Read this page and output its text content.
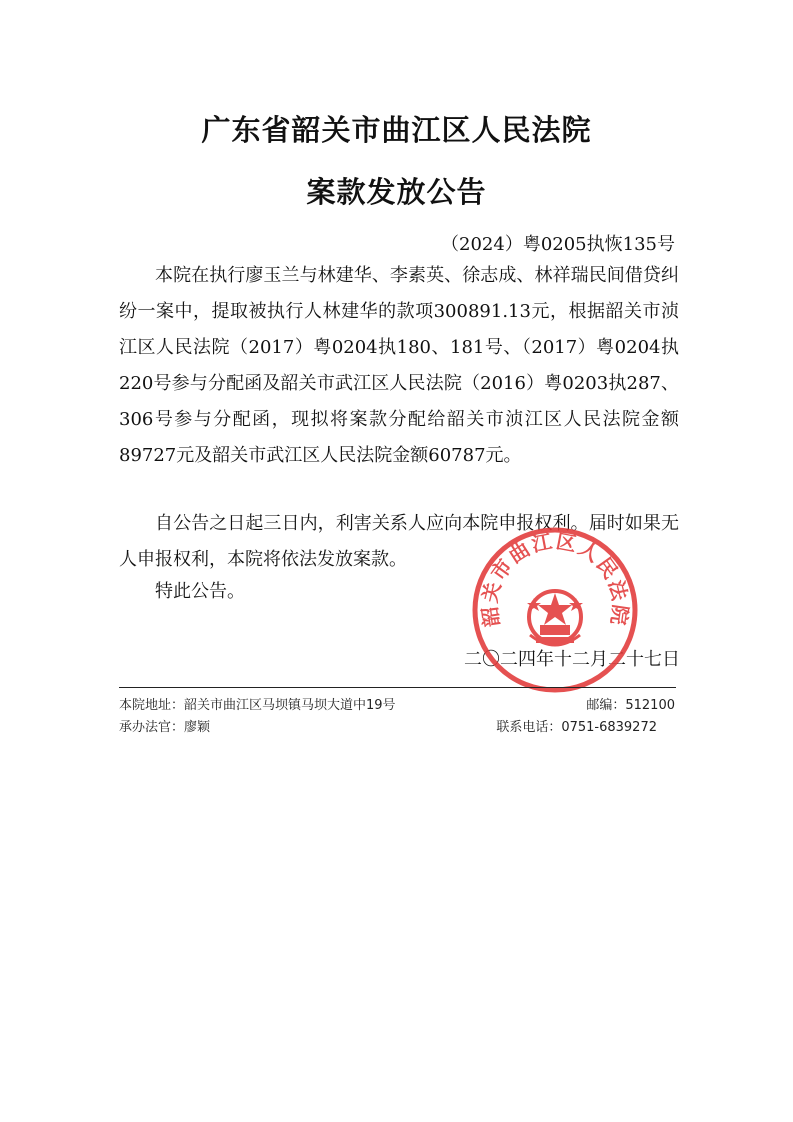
广东省韶关市曲江区人民法院
案款发放公告
（2024）粤0205执恢135号

本院在执行廖玉兰与林建华、李素英、徐志成、林祥瑞民间借贷纠纷一案中，提取被执行人林建华的款项300891.13元，根据韶关市浈江区人民法院（2017）粤0204执180、181号、（2017）粤0204执220号参与分配函及韶关市武江区人民法院（2016）粤0203执287、306号参与分配函，现拟将案款分配给韶关市浈江区人民法院金额89727元及韶关市武江区人民法院金额60787元。

自公告之日起三日内，利害关系人应向本院申报权利。届时如果无人申报权利，本院将依法发放案款。

特此公告。

二〇二四年十二月二十七日
韶关市曲江区人民法院
本院地址：韶关市曲江区马坝镇马坝大道中19号	邮编：512100
承办法官：廖颖	联系电话：0751-6839272
